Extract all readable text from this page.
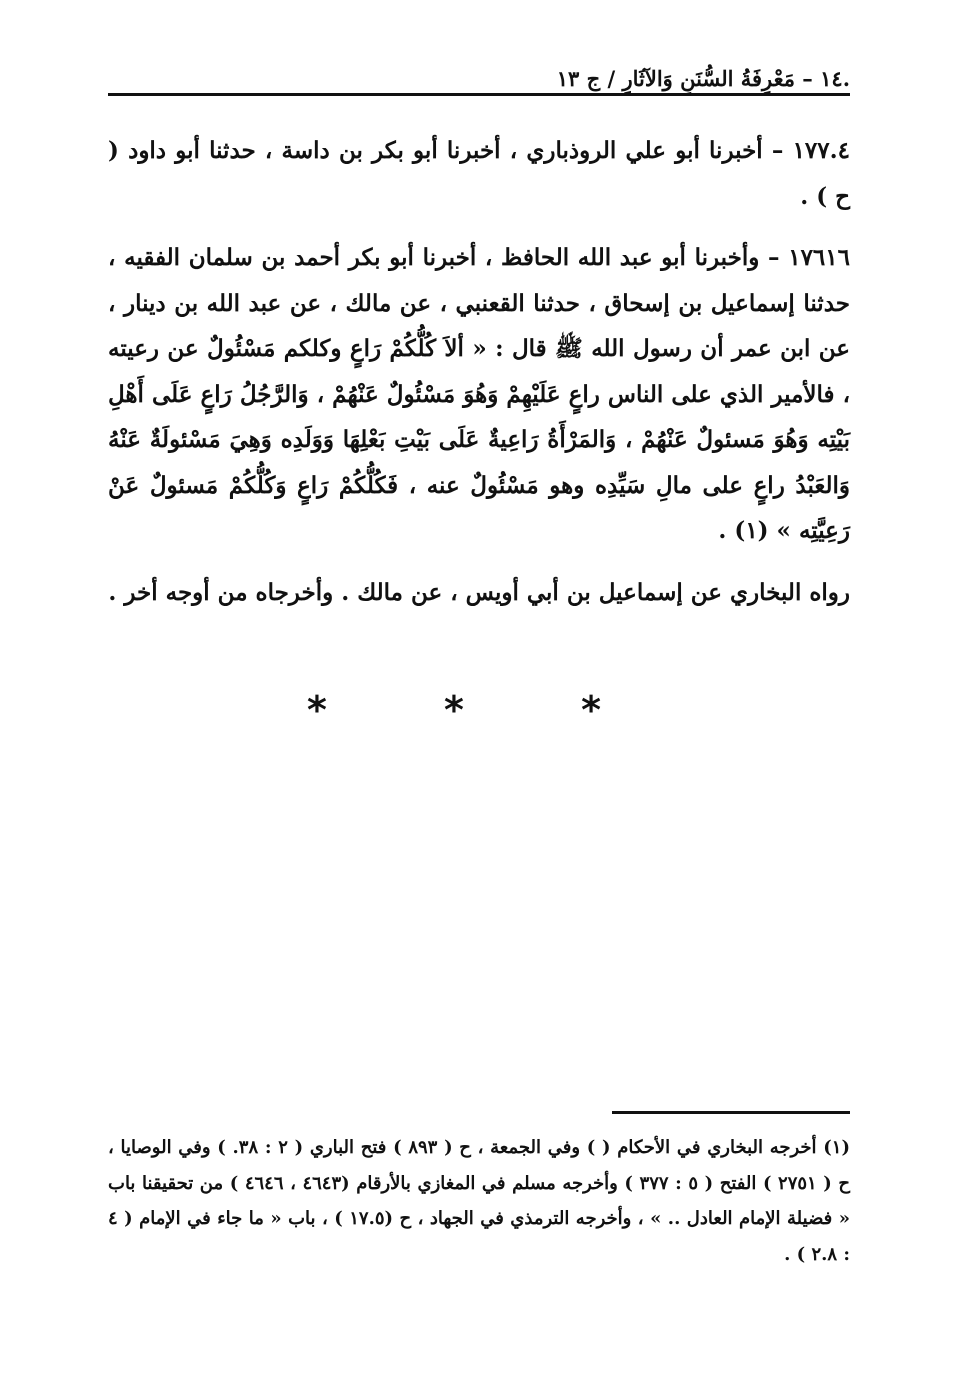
.١٤ – مَعْرِفَةُ السُّنَنِ وَالآثَارِ / ج ١٣

١٧٧.٤ – أخبرنا أبو علي الروذباري ، أخبرنا أبو بكر بن داسة ، حدثنا أبو داود ( ح ) .

١٧٦١٦ – وأخبرنا أبو عبد الله الحافظ ، أخبرنا أبو بكر أحمد بن سلمان الفقيه ، حدثنا إسماعيل بن إسحاق ، حدثنا القعنبي ، عن مالك ، عن عبد الله بن دينار ، عن ابن عمر أن رسول الله ﷺ قال : « ألاَ كُلُّكُمْ رَاعٍ وكلكم مَسْئُولٌ عن رعيته ، فالأمير الذي على الناس راعٍ عَلَيْهِمْ وَهُوَ مَسْئُولٌ عَنْهُمْ ، وَالرَّجُلُ رَاعٍ عَلَى أَهْلِ بَيْتِه وَهُوَ مَسئولٌ عَنْهُمْ ، وَالمَرْأَةُ رَاعِيةٌ عَلَى بَيْتِ بَعْلِهَا وَوَلَدِه وَهِيَ مَسْئولَةٌ عَنْهُ وَالعَبْدُ راعٍ على مالِ سَيِّدِه وهو مَسْئُولٌ عنه ، فَكُلُّكُمْ رَاعٍ وَكُلُّكُمْ مَسئولٌ عَنْ رَعِيَّتِه » (١) .

رواه البخاري عن إسماعيل بن أبي أويس ، عن مالك . وأخرجاه من أوجه أخر .

* * *

(١) أخرجه البخاري في الأحكام ( ) وفي الجمعة ، ح ( ٨٩٣ ) فتح الباري ( ٢ : ٣٨. ) وفي الوصايا ، ح ( ٢٧٥١ ) الفتح ( ٥ : ٣٧٧ ) وأخرجه مسلم في المغازي بالأرقام (٤٦٤٣ ، ٤٦٤٦ ) من تحقيقنا باب « فضيلة الإمام العادل .. » ، وأخرجه الترمذي في الجهاد ، ح (١٧.٥ ) ، باب « ما جاء في الإمام ( ٤ : ٢.٨ ) .
